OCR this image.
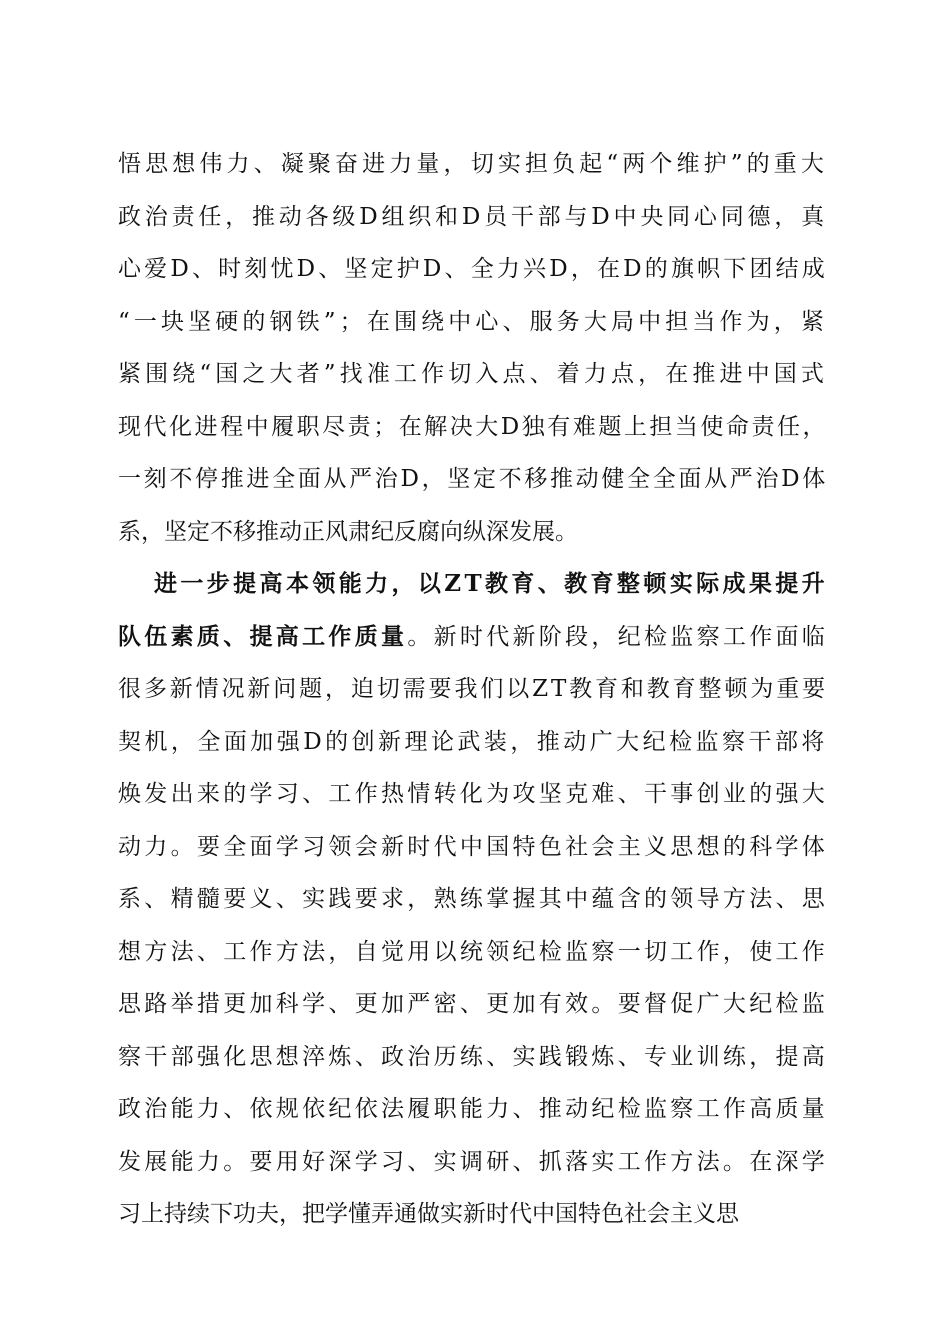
悟思想伟力、凝聚奋进力量，切实担负起“两个维护”的重大
政治责任，推动各级D组织和D员干部与D中央同心同德，真
心爱D、时刻忧D、坚定护D、全力兴D，在D的旗帜下团结成
“一块坚硬的钢铁”；在围绕中心、服务大局中担当作为，紧
紧围绕“国之大者”找准工作切入点、着力点，在推进中国式
现代化进程中履职尽责；在解决大D独有难题上担当使命责任，
一刻不停推进全面从严治D，坚定不移推动健全全面从严治D体
系，坚定不移推动正风肃纪反腐向纵深发展。
进一步提高本领能力，以ZT教育、教育整顿实际成果提升
队伍素质、提高工作质量。新时代新阶段，纪检监察工作面临
很多新情况新问题，迫切需要我们以ZT教育和教育整顿为重要
契机，全面加强D的创新理论武装，推动广大纪检监察干部将
焕发出来的学习、工作热情转化为攻坚克难、干事创业的强大
动力。要全面学习领会新时代中国特色社会主义思想的科学体
系、精髓要义、实践要求，熟练掌握其中蕴含的领导方法、思
想方法、工作方法，自觉用以统领纪检监察一切工作，使工作
思路举措更加科学、更加严密、更加有效。要督促广大纪检监
察干部强化思想淬炼、政治历练、实践锻炼、专业训练，提高
政治能力、依规依纪依法履职能力、推动纪检监察工作高质量
发展能力。要用好深学习、实调研、抓落实工作方法。在深学
习上持续下功夫，把学懂弄通做实新时代中国特色社会主义思
